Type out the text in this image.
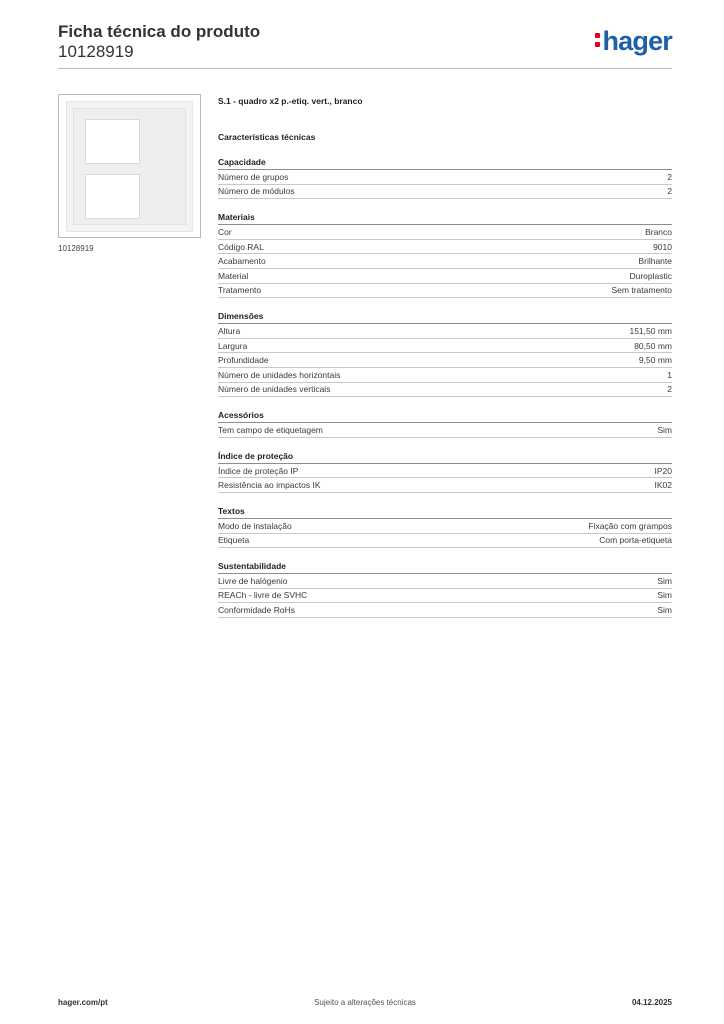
Ficha técnica do produto
10128919	hager
10128919
S.1 - quadro x2 p.-etiq. vert., branco
Características técnicas
Capacidade
Número de grupos	2
Número de módulos	2
Materiais
Cor	Branco
Código RAL	9010
Acabamento	Brilhante
Material	Duroplastic
Tratamento	Sem tratamento
Dimensões
Altura	151,50 mm
Largura	80,50 mm
Profundidade	9,50 mm
Número de unidades horizontais	1
Número de unidades verticais	2
Acessórios
Tem campo de etiquetagem	Sim
Índice de proteção
Índice de proteção IP	IP20
Resistência ao impactos IK	IK02
Textos
Modo de instalação	Fixação com grampos
Etiqueta	Com porta-etiqueta
Sustentabilidade
Livre de halógenio	Sim
REACh - livre de SVHC	Sim
Conformidade RoHs	Sim
hager.com/pt	Sujeito a alterações técnicas	04.12.2025
